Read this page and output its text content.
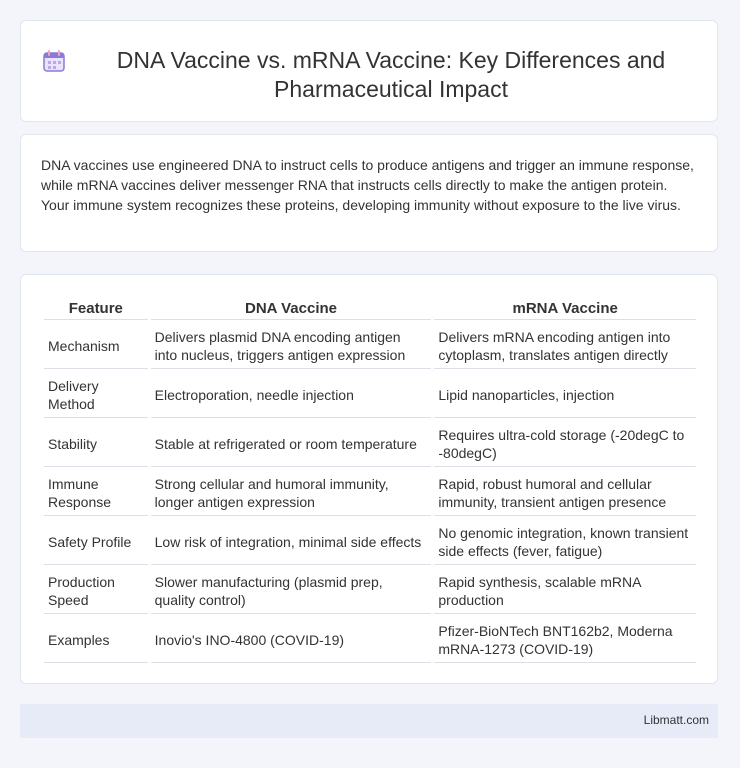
DNA Vaccine vs. mRNA Vaccine: Key Differences and Pharmaceutical Impact

DNA vaccines use engineered DNA to instruct cells to produce antigens and trigger an immune response, while mRNA vaccines deliver messenger RNA that instructs cells directly to make the antigen protein. Your immune system recognizes these proteins, developing immunity without exposure to the live virus.

Feature	DNA Vaccine	mRNA Vaccine
Mechanism	Delivers plasmid DNA encoding antigen into nucleus, triggers antigen expression	Delivers mRNA encoding antigen into cytoplasm, translates antigen directly
Delivery Method	Electroporation, needle injection	Lipid nanoparticles, injection
Stability	Stable at refrigerated or room temperature	Requires ultra-cold storage (-20degC to -80degC)
Immune Response	Strong cellular and humoral immunity, longer antigen expression	Rapid, robust humoral and cellular immunity, transient antigen presence
Safety Profile	Low risk of integration, minimal side effects	No genomic integration, known transient side effects (fever, fatigue)
Production Speed	Slower manufacturing (plasmid prep, quality control)	Rapid synthesis, scalable mRNA production
Examples	Inovio's INO-4800 (COVID-19)	Pfizer-BioNTech BNT162b2, Moderna mRNA-1273 (COVID-19)
Libmatt.com
